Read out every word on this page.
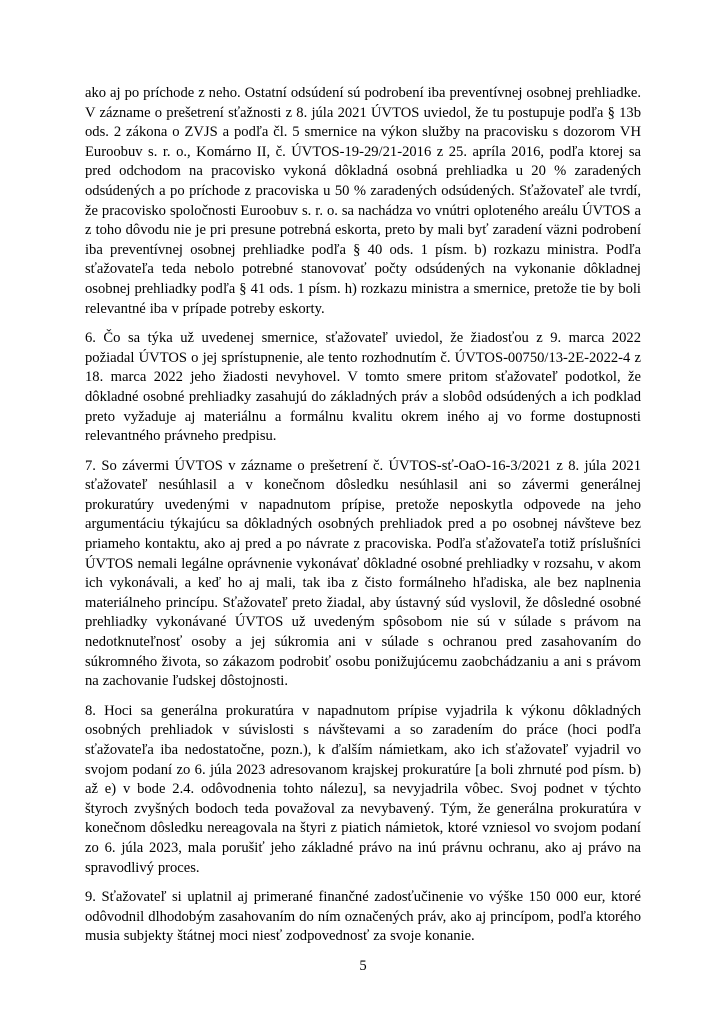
ako aj po príchode z neho. Ostatní odsúdení sú podrobení iba preventívnej osobnej prehliadke. V zázname o prešetrení sťažnosti z 8. júla 2021 ÚVTOS uviedol, že tu postupuje podľa § 13b ods. 2 zákona o ZVJS a podľa čl. 5 smernice na výkon služby na pracovisku s dozorom VH Euroobuv s. r. o., Komárno II, č. ÚVTOS-19-29/21-2016 z 25. apríla 2016, podľa ktorej sa pred odchodom na pracovisko vykoná dôkladná osobná prehliadka u 20 % zaradených odsúdených a po príchode z pracoviska u 50 % zaradených odsúdených. Sťažovateľ ale tvrdí, že pracovisko spoločnosti Euroobuv s. r. o. sa nachádza vo vnútri oploteného areálu ÚVTOS a z toho dôvodu nie je pri presune potrebná eskorta, preto by mali byť zaradení väzni podrobení iba preventívnej osobnej prehliadke podľa § 40 ods. 1 písm. b) rozkazu ministra. Podľa sťažovateľa teda nebolo potrebné stanovovať počty odsúdených na vykonanie dôkladnej osobnej prehliadky podľa § 41 ods. 1 písm. h) rozkazu ministra a smernice, pretože tie by boli relevantné iba v prípade potreby eskorty.

6. Čo sa týka už uvedenej smernice, sťažovateľ uviedol, že žiadosťou z 9. marca 2022 požiadal ÚVTOS o jej sprístupnenie, ale tento rozhodnutím č. ÚVTOS-00750/13-2E-2022-4 z 18. marca 2022 jeho žiadosti nevyhovel. V tomto smere pritom sťažovateľ podotkol, že dôkladné osobné prehliadky zasahujú do základných práv a slobôd odsúdených a ich podklad preto vyžaduje aj materiálnu a formálnu kvalitu okrem iného aj vo forme dostupnosti relevantného právneho predpisu.

7. So závermi ÚVTOS v zázname o prešetrení č. ÚVTOS-sť-OaO-16-3/2021 z 8. júla 2021 sťažovateľ nesúhlasil a v konečnom dôsledku nesúhlasil ani so závermi generálnej prokuratúry uvedenými v napadnutom prípise, pretože neposkytla odpovede na jeho argumentáciu týkajúcu sa dôkladných osobných prehliadok pred a po osobnej návšteve bez priameho kontaktu, ako aj pred a po návrate z pracoviska. Podľa sťažovateľa totiž príslušníci ÚVTOS nemali legálne oprávnenie vykonávať dôkladné osobné prehliadky v rozsahu, v akom ich vykonávali, a keď ho aj mali, tak iba z čisto formálneho hľadiska, ale bez naplnenia materiálneho princípu. Sťažovateľ preto žiadal, aby ústavný súd vyslovil, že dôsledné osobné prehliadky vykonávané ÚVTOS už uvedeným spôsobom nie sú v súlade s právom na nedotknuteľnosť osoby a jej súkromia ani v súlade s ochranou pred zasahovaním do súkromného života, so zákazom podrobiť osobu ponižujúcemu zaobchádzaniu a ani s právom na zachovanie ľudskej dôstojnosti.

8. Hoci sa generálna prokuratúra v napadnutom prípise vyjadrila k výkonu dôkladných osobných prehliadok v súvislosti s návštevami a so zaradením do práce (hoci podľa sťažovateľa iba nedostatočne, pozn.), k ďalším námietkam, ako ich sťažovateľ vyjadril vo svojom podaní zo 6. júla 2023 adresovanom krajskej prokuratúre [a boli zhrnuté pod písm. b) až e) v bode 2.4. odôvodnenia tohto nálezu], sa nevyjadrila vôbec. Svoj podnet v týchto štyroch zvyšných bodoch teda považoval za nevybavený. Tým, že generálna prokuratúra v konečnom dôsledku nereagovala na štyri z piatich námietok, ktoré vzniesol vo svojom podaní zo 6. júla 2023, mala porušiť jeho základné právo na inú právnu ochranu, ako aj právo na spravodlivý proces.

9. Sťažovateľ si uplatnil aj primerané finančné zadosťučinenie vo výške 150 000 eur, ktoré odôvodnil dlhodobým zasahovaním do ním označených práv, ako aj princípom, podľa ktorého musia subjekty štátnej moci niesť zodpovednosť za svoje konanie.

5
